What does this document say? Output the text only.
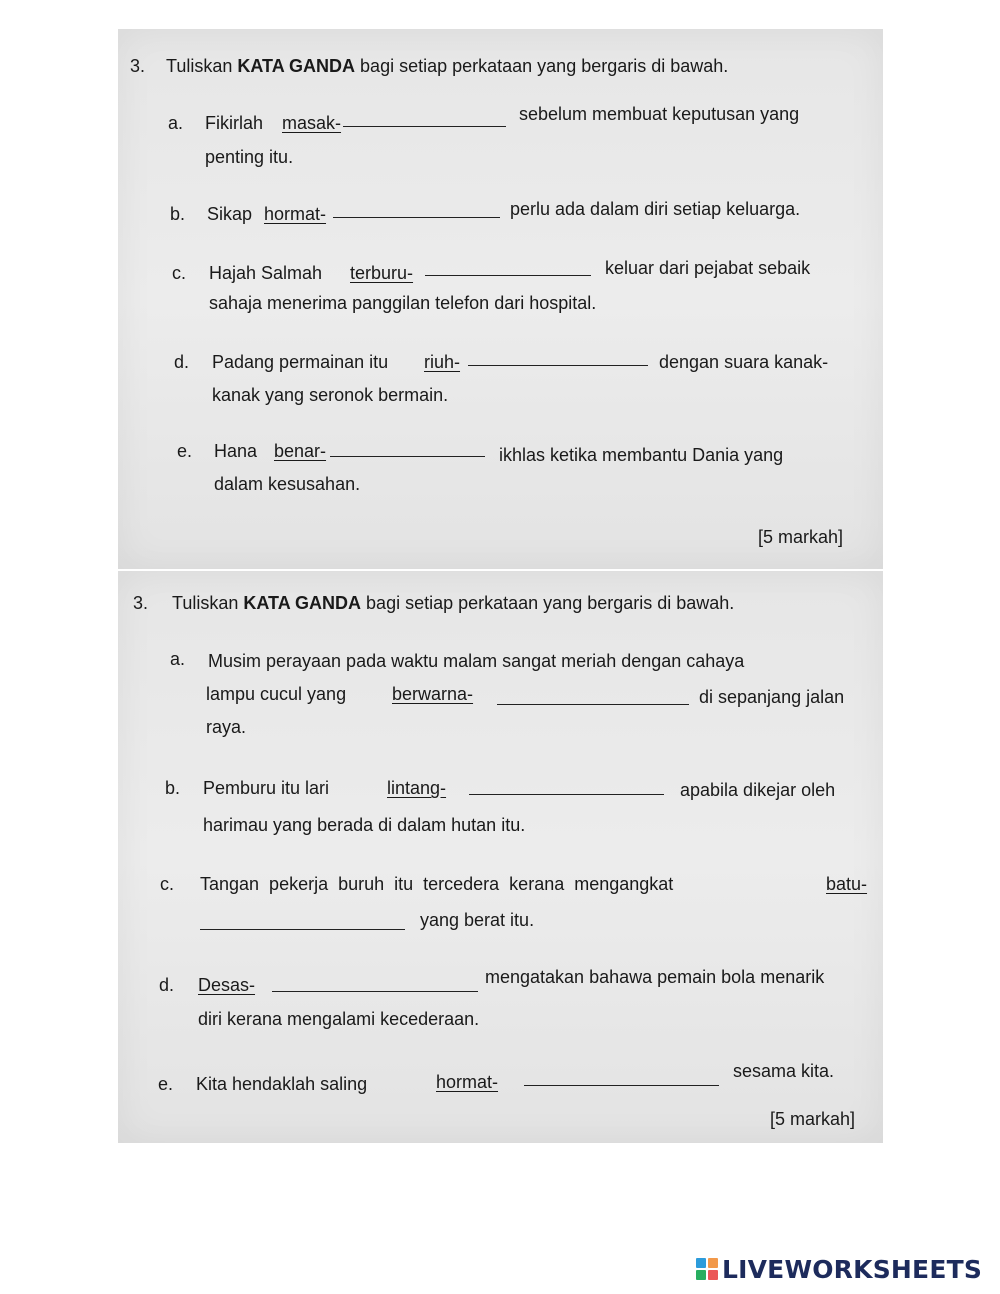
3. Tuliskan KATA GANDA bagi setiap perkataan yang bergaris di bawah.
a. Fikirlah masak-	sebelum membuat keputusan yang
penting itu.
b. Sikap hormat-	perlu ada dalam diri setiap keluarga.
c. Hajah Salmah terburu-	keluar dari pejabat sebaik
sahaja menerima panggilan telefon dari hospital.
d. Padang permainan itu riuh-	dengan suara kanak-
kanak yang seronok bermain.
e. Hana benar-	ikhlas ketika membantu Dania yang
dalam kesusahan.
[5 markah]
3. Tuliskan KATA GANDA bagi setiap perkataan yang bergaris di bawah.
a. Musim perayaan pada waktu malam sangat meriah dengan cahaya
lampu cucul yang	berwarna-	di sepanjang jalan
raya.
b. Pemburu itu lari	lintang-	apabila dikejar oleh
harimau yang berada di dalam hutan itu.
c. Tangan pekerja buruh itu tercedera kerana mengangkat	batu-
yang berat itu.
d. Desas-	mengatakan bahawa pemain bola menarik
diri kerana mengalami kecederaan.
e. Kita hendaklah saling	hormat-
sesama kita.
[5 markah]
LIVEWORKSHEETS
